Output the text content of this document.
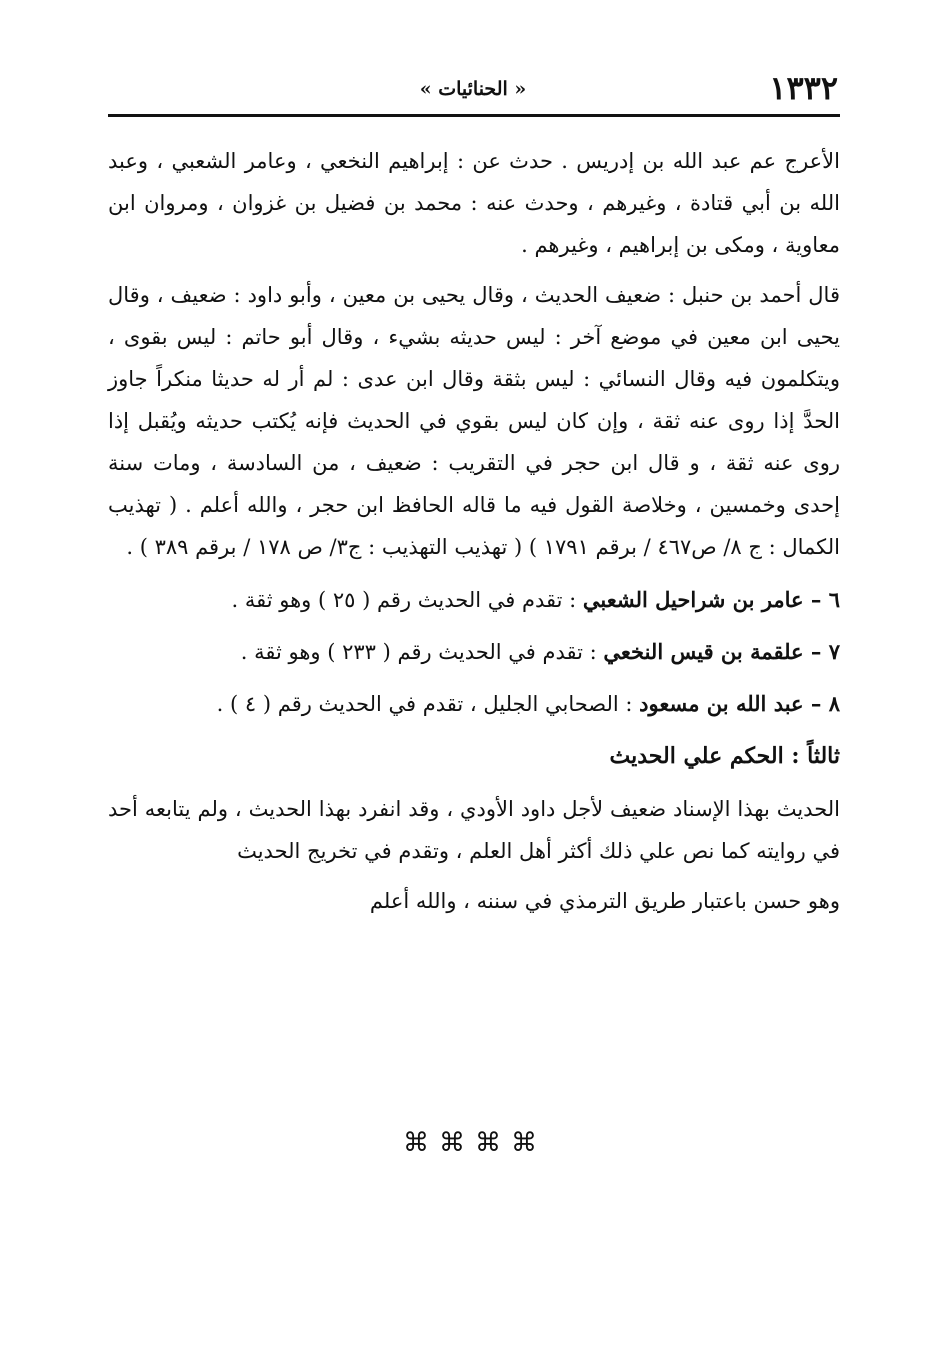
١٣٣٢
« الحنائيات »

الأعرج عم عبد الله بن إدريس . حدث عن : إبراهيم النخعي ، وعامر الشعبي ، وعبد الله بن أبي قتادة ، وغيرهم ، وحدث عنه : محمد بن فضيل بن غزوان ، ومروان ابن معاوية ، ومكى بن إبراهيم ، وغيرهم .

قال أحمد بن حنبل : ضعيف الحديث ، وقال يحيى بن معين ، وأبو داود : ضعيف ، وقال يحيى ابن معين في موضع آخر : ليس حديثه بشيء ، وقال أبو حاتم : ليس بقوى ، ويتكلمون فيه وقال النسائي : ليس بثقة وقال ابن عدى : لم أر له حديثا منكراً جاوز الحدَّ إذا روى عنه ثقة ، وإن كان ليس بقوي في الحديث فإنه يُكتب حديثه ويُقبل إذا روى عنه ثقة ، و قال ابن حجر في التقريب : ضعيف ، من السادسة ، ومات سنة إحدى وخمسين ، وخلاصة القول فيه ما قاله الحافظ ابن حجر ، والله أعلم . ( تهذيب الكمال : ج ٨/ ص٤٦٧ / برقم ١٧٩١ ) ( تهذيب التهذيب : ج٣/ ص ١٧٨ / برقم ٣٨٩ ) .

٦ – عامر بن شراحيل الشعبي : تقدم في الحديث رقم ( ٢٥ ) وهو ثقة .

٧ – علقمة بن قيس النخعي : تقدم في الحديث رقم ( ٢٣٣ ) وهو ثقة .

٨ – عبد الله بن مسعود : الصحابي الجليل ، تقدم في الحديث رقم ( ٤ ) .

ثالثاً : الحكم علي الحديث

الحديث بهذا الإسناد ضعيف لأجل داود الأودي ، وقد انفرد بهذا الحديث ، ولم يتابعه أحد في روايته كما نص علي ذلك أكثر أهل العلم ، وتقدم في تخريج الحديث

وهو حسن باعتبار طريق الترمذي في سننه ، والله أعلم

⌘⌘⌘⌘
